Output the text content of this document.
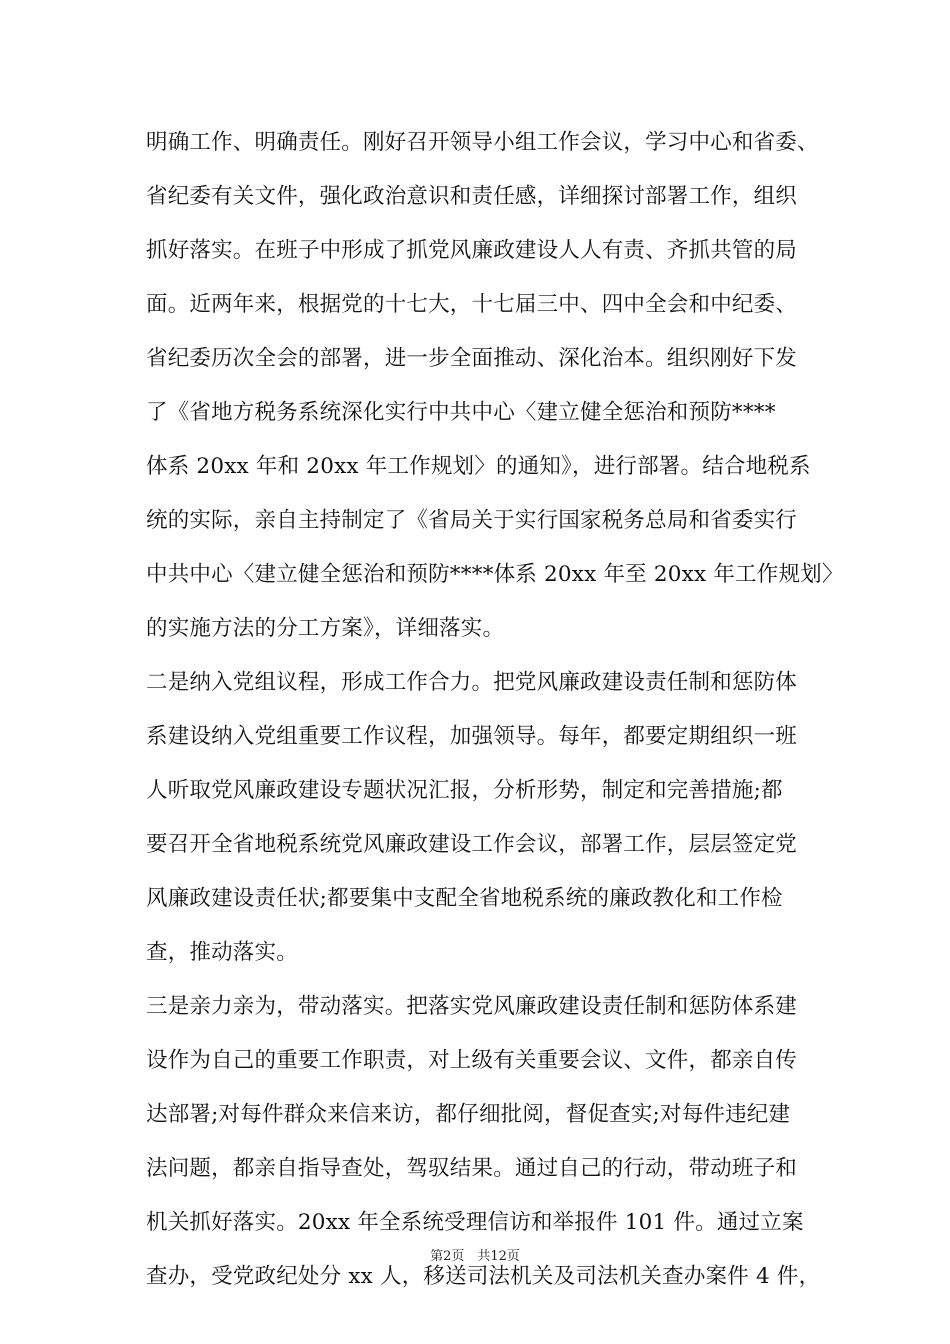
明确工作、明确责任。刚好召开领导小组工作会议，学习中心和省委、
省纪委有关文件，强化政治意识和责任感，详细探讨部署工作，组织
抓好落实。在班子中形成了抓党风廉政建设人人有责、齐抓共管的局
面。近两年来，根据党的十七大，十七届三中、四中全会和中纪委、
省纪委历次全会的部署，进一步全面推动、深化治本。组织刚好下发
了《省地方税务系统深化实行中共中心〈建立健全惩治和预防****
体系 20xx 年和 20xx 年工作规划〉的通知》，进行部署。结合地税系
统的实际，亲自主持制定了《省局关于实行国家税务总局和省委实行
中共中心〈建立健全惩治和预防****体系 20xx 年至 20xx 年工作规划〉
的实施方法的分工方案》，详细落实。
二是纳入党组议程，形成工作合力。把党风廉政建设责任制和惩防体
系建设纳入党组重要工作议程，加强领导。每年，都要定期组织一班
人听取党风廉政建设专题状况汇报，分析形势，制定和完善措施;都
要召开全省地税系统党风廉政建设工作会议，部署工作，层层签定党
风廉政建设责任状;都要集中支配全省地税系统的廉政教化和工作检
查，推动落实。
三是亲力亲为，带动落实。把落实党风廉政建设责任制和惩防体系建
设作为自己的重要工作职责，对上级有关重要会议、文件，都亲自传
达部署;对每件群众来信来访，都仔细批阅，督促查实;对每件违纪建
法问题，都亲自指导查处，驾驭结果。通过自己的行动，带动班子和
机关抓好落实。20xx 年全系统受理信访和举报件 101 件。通过立案
查办，受党政纪处分 xx 人，移送司法机关及司法机关查办案件 4 件，
第2页　共12页
